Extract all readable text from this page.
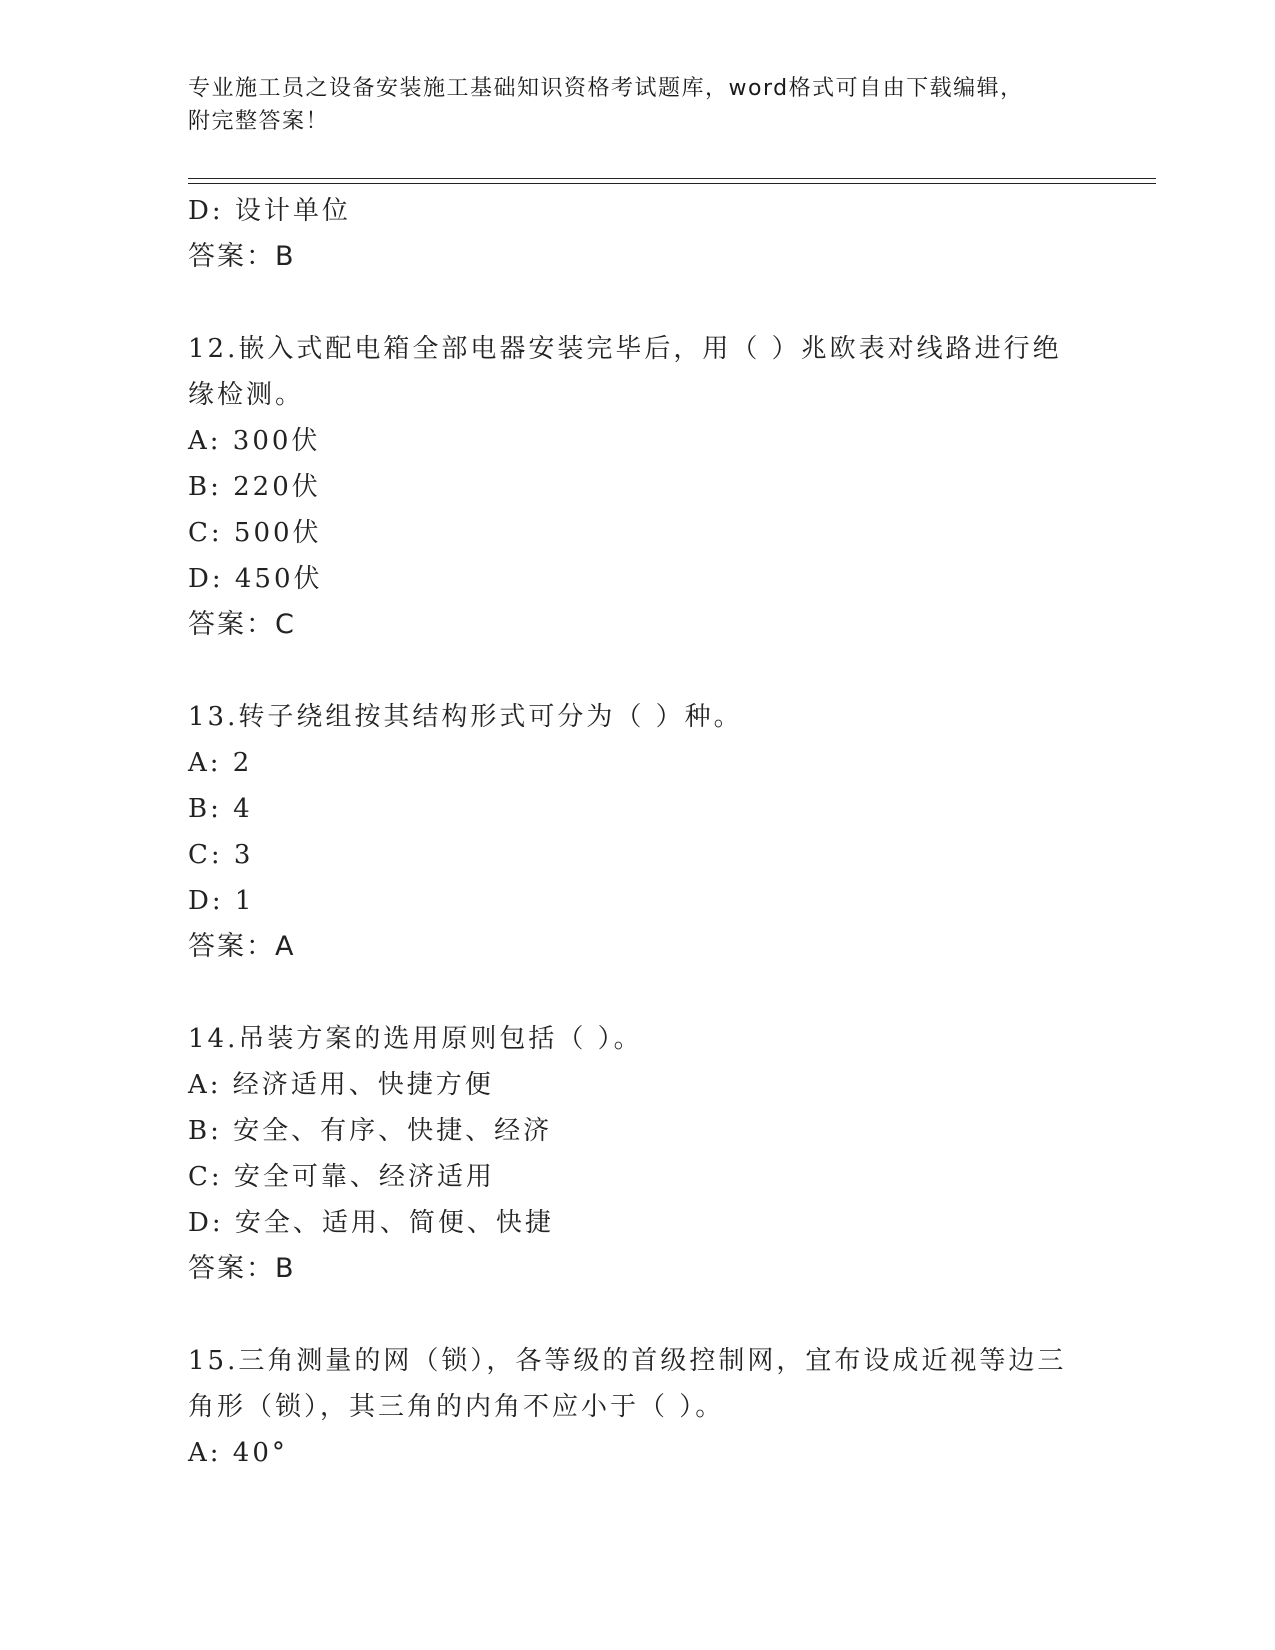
专业施工员之设备安装施工基础知识资格考试题库，word格式可自由下载编辑，
附完整答案！
D: 设计单位
答案：B
12.嵌入式配电箱全部电器安装完毕后，用（ ）兆欧表对线路进行绝
缘检测。
A: 300伏
B: 220伏
C: 500伏
D: 450伏
答案：C
13.转子绕组按其结构形式可分为（ ）种。
A: 2
B: 4
C: 3
D: 1
答案：A
14.吊装方案的选用原则包括（ ）。
A: 经济适用、快捷方便
B: 安全、有序、快捷、经济
C: 安全可靠、经济适用
D: 安全、适用、简便、快捷
答案：B
15.三角测量的网（锁），各等级的首级控制网，宜布设成近视等边三
角形（锁），其三角的内角不应小于（ ）。
A: 40°
